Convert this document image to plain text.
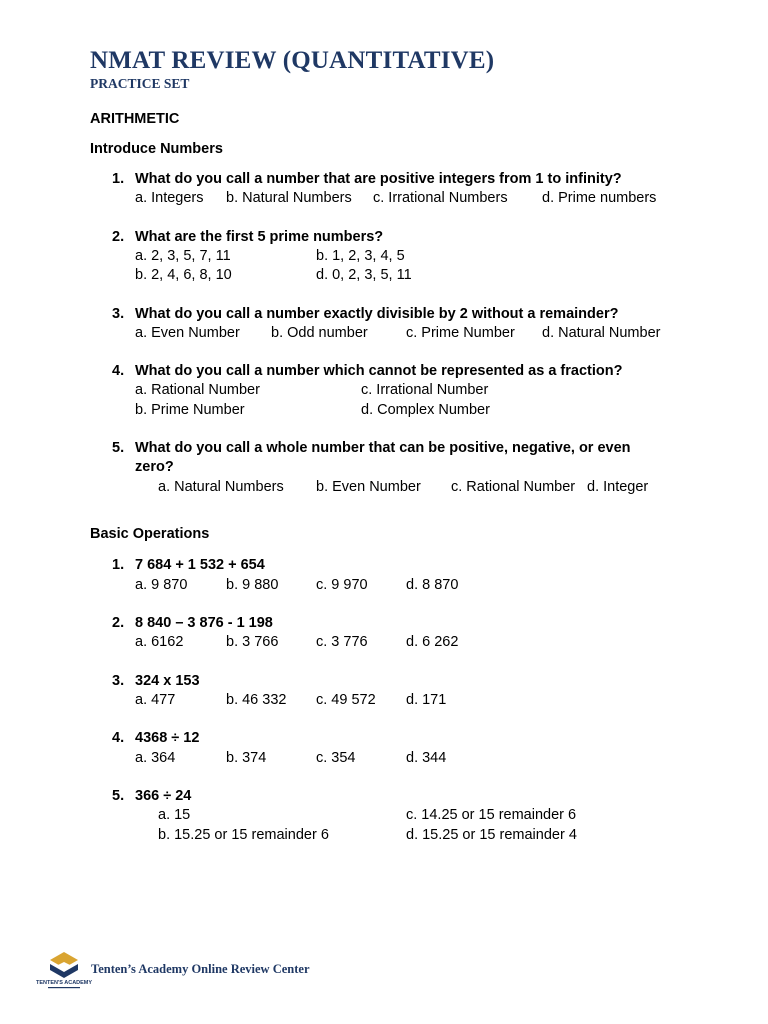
NMAT REVIEW (QUANTITATIVE)
PRACTICE SET
ARITHMETIC
Introduce Numbers
1. What do you call a number that are positive integers from 1 to infinity?
a. Integers b. Natural Numbers c. Irrational Numbers d. Prime numbers
2. What are the first 5 prime numbers?
a. 2, 3, 5, 7, 11	b. 1, 2, 3, 4, 5
b. 2, 4, 6, 8, 10	d. 0, 2, 3, 5, 11
3. What do you call a number exactly divisible by 2 without a remainder?
a. Even Number b. Odd number	c. Prime Number d. Natural Number
4. What do you call a number which cannot be represented as a fraction?
a. Rational Number	c. Irrational Number
b. Prime Number	d. Complex Number
5. What do you call a whole number that can be positive, negative, or even
zero?
a. Natural Numbers b. Even Number c. Rational Number d. Integer
Basic Operations
1. 7 684 + 1 532 + 654
a. 9 870	b. 9 880	c. 9 970	d. 8 870
2. 8 840 – 3 876 - 1 198
a. 6162	b. 3 766	c. 3 776	d. 6 262
3. 324 x 153
a. 477	b. 46 332 c. 49 572 d. 171
4. 4368 ÷ 12
a. 364	b. 374	c. 354	d. 344
5. 366 ÷ 24
a. 15	c. 14.25 or 15 remainder 6
b. 15.25 or 15 remainder 6	d. 15.25 or 15 remainder 4
TENTEN'S ACADEMY
Tenten’s Academy Online Review Center
